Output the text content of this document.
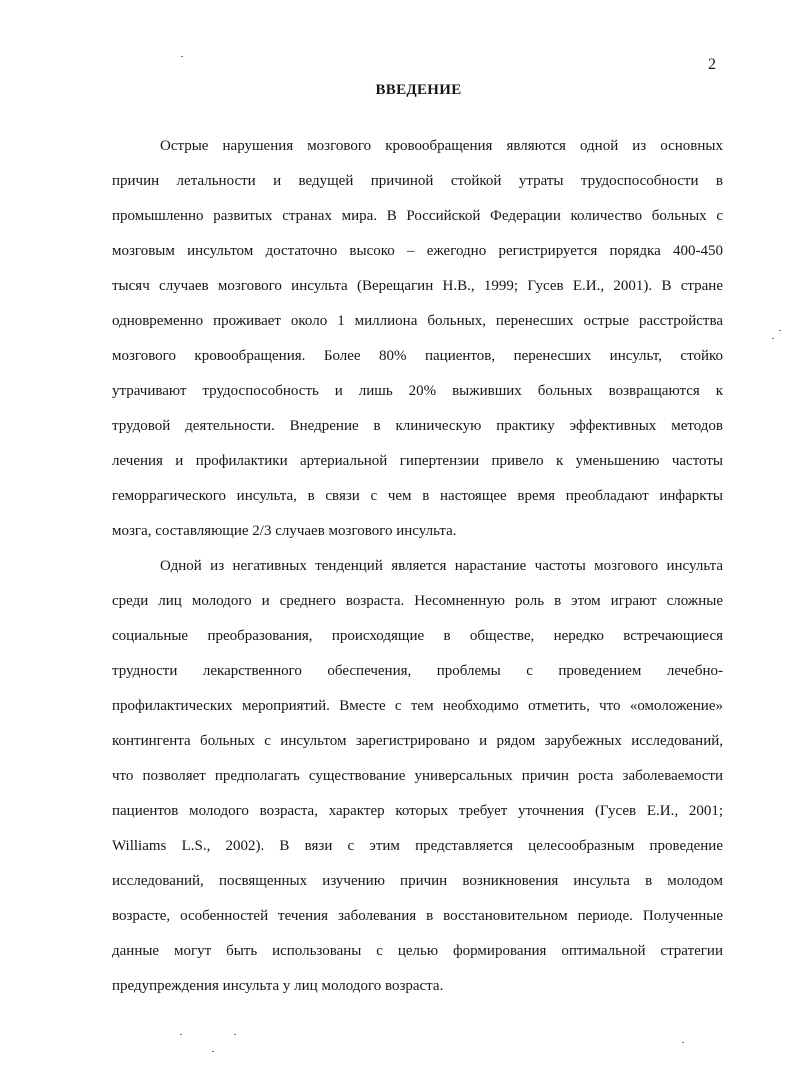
2
ВВЕДЕНИЕ
Острые нарушения мозгового кровообращения являются одной из основных
причин летальности и ведущей причиной стойкой утраты трудоспособности в
промышленно развитых странах мира. В Российской Федерации количество больных с
мозговым инсультом достаточно высоко – ежегодно регистрируется порядка 400-450
тысяч случаев мозгового инсульта (Верещагин Н.В., 1999; Гусев Е.И., 2001). В стране
одновременно проживает около 1 миллиона больных, перенесших острые расстройства
мозгового кровообращения. Более 80% пациентов, перенесших инсульт, стойко
утрачивают трудоспособность и лишь 20% выживших больных возвращаются к
трудовой деятельности. Внедрение в клиническую практику эффективных методов
лечения и профилактики артериальной гипертензии привело к уменьшению частоты
геморрагического инсульта, в связи с чем в настоящее время преобладают инфаркты
мозга, составляющие 2/3 случаев мозгового инсульта.
Одной из негативных тенденций является нарастание частоты мозгового инсульта
среди лиц молодого и среднего возраста. Несомненную роль в этом играют сложные
социальные преобразования, происходящие в обществе, нередко встречающиеся
трудности лекарственного обеспечения, проблемы с проведением лечебно-
профилактических мероприятий. Вместе с тем необходимо отметить, что «омоложение»
контингента больных с инсультом зарегистрировано и рядом зарубежных исследований,
что позволяет предполагать существование универсальных причин роста заболеваемости
пациентов молодого возраста, характер которых требует уточнения (Гусев Е.И., 2001;
Williams L.S., 2002). В вязи с этим представляется целесообразным проведение
исследований, посвященных изучению причин возникновения инсульта в молодом
возрасте, особенностей течения заболевания в восстановительном периоде. Полученные
данные могут быть использованы с целью формирования оптимальной стратегии
предупреждения инсульта у лиц молодого возраста.
